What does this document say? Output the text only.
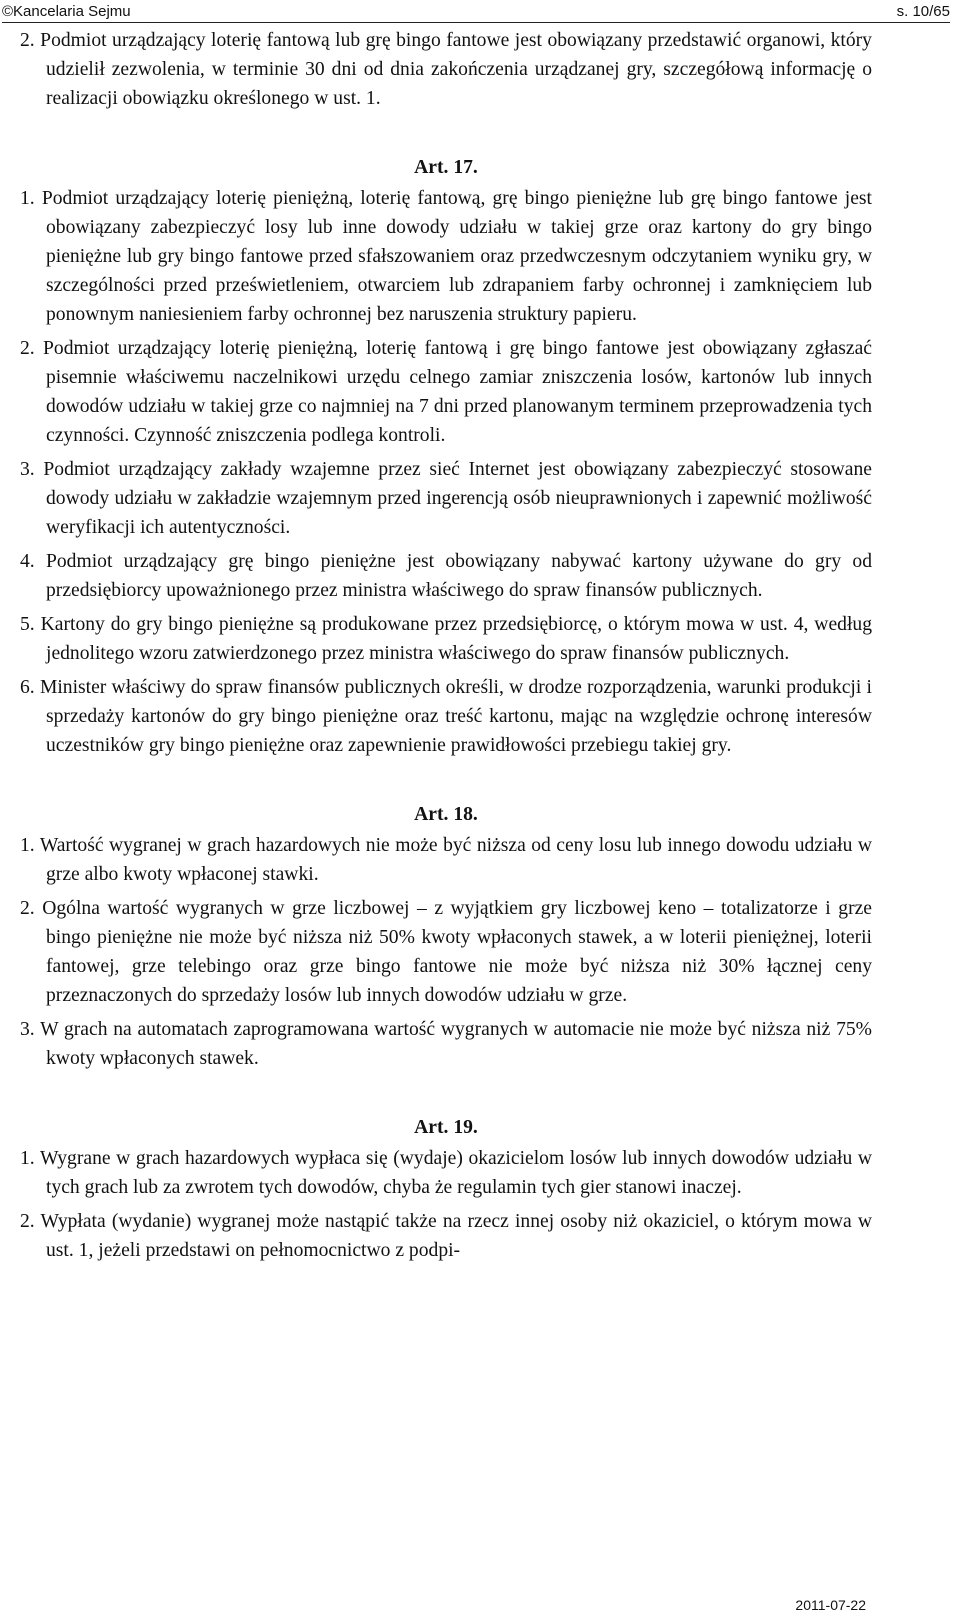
©Kancelaria Sejmu	s. 10/65

2. Podmiot urządzający loterię fantową lub grę bingo fantowe jest obowiązany przedstawić organowi, który udzielił zezwolenia, w terminie 30 dni od dnia zakończenia urządzanej gry, szczegółową informację o realizacji obowiązku określonego w ust. 1.

Art. 17.

1. Podmiot urządzający loterię pieniężną, loterię fantową, grę bingo pieniężne lub grę bingo fantowe jest obowiązany zabezpieczyć losy lub inne dowody udziału w takiej grze oraz kartony do gry bingo pieniężne lub gry bingo fantowe przed sfałszowaniem oraz przedwczesnym odczytaniem wyniku gry, w szczególności przed prześwietleniem, otwarciem lub zdrapaniem farby ochronnej i zamknięciem lub ponownym naniesieniem farby ochronnej bez naruszenia struktury papieru.

2. Podmiot urządzający loterię pieniężną, loterię fantową i grę bingo fantowe jest obowiązany zgłaszać pisemnie właściwemu naczelnikowi urzędu celnego zamiar zniszczenia losów, kartonów lub innych dowodów udziału w takiej grze co najmniej na 7 dni przed planowanym terminem przeprowadzenia tych czynności. Czynność zniszczenia podlega kontroli.

3. Podmiot urządzający zakłady wzajemne przez sieć Internet jest obowiązany zabezpieczyć stosowane dowody udziału w zakładzie wzajemnym przed ingerencją osób nieuprawnionych i zapewnić możliwość weryfikacji ich autentyczności.

4. Podmiot urządzający grę bingo pieniężne jest obowiązany nabywać kartony używane do gry od przedsiębiorcy upoważnionego przez ministra właściwego do spraw finansów publicznych.

5. Kartony do gry bingo pieniężne są produkowane przez przedsiębiorcę, o którym mowa w ust. 4, według jednolitego wzoru zatwierdzonego przez ministra właściwego do spraw finansów publicznych.

6. Minister właściwy do spraw finansów publicznych określi, w drodze rozporządzenia, warunki produkcji i sprzedaży kartonów do gry bingo pieniężne oraz treść kartonu, mając na względzie ochronę interesów uczestników gry bingo pieniężne oraz zapewnienie prawidłowości przebiegu takiej gry.

Art. 18.

1. Wartość wygranej w grach hazardowych nie może być niższa od ceny losu lub innego dowodu udziału w grze albo kwoty wpłaconej stawki.

2. Ogólna wartość wygranych w grze liczbowej – z wyjątkiem gry liczbowej keno – totalizatorze i grze bingo pieniężne nie może być niższa niż 50% kwoty wpłaconych stawek, a w loterii pieniężnej, loterii fantowej, grze telebingo oraz grze bingo fantowe nie może być niższa niż 30% łącznej ceny przeznaczonych do sprzedaży losów lub innych dowodów udziału w grze.

3. W grach na automatach zaprogramowana wartość wygranych w automacie nie może być niższa niż 75% kwoty wpłaconych stawek.

Art. 19.

1. Wygrane w grach hazardowych wypłaca się (wydaje) okazicielom losów lub innych dowodów udziału w tych grach lub za zwrotem tych dowodów, chyba że regulamin tych gier stanowi inaczej.

2. Wypłata (wydanie) wygranej może nastąpić także na rzecz innej osoby niż okaziciel, o którym mowa w ust. 1, jeżeli przedstawi on pełnomocnictwo z podpi-

2011-07-22
